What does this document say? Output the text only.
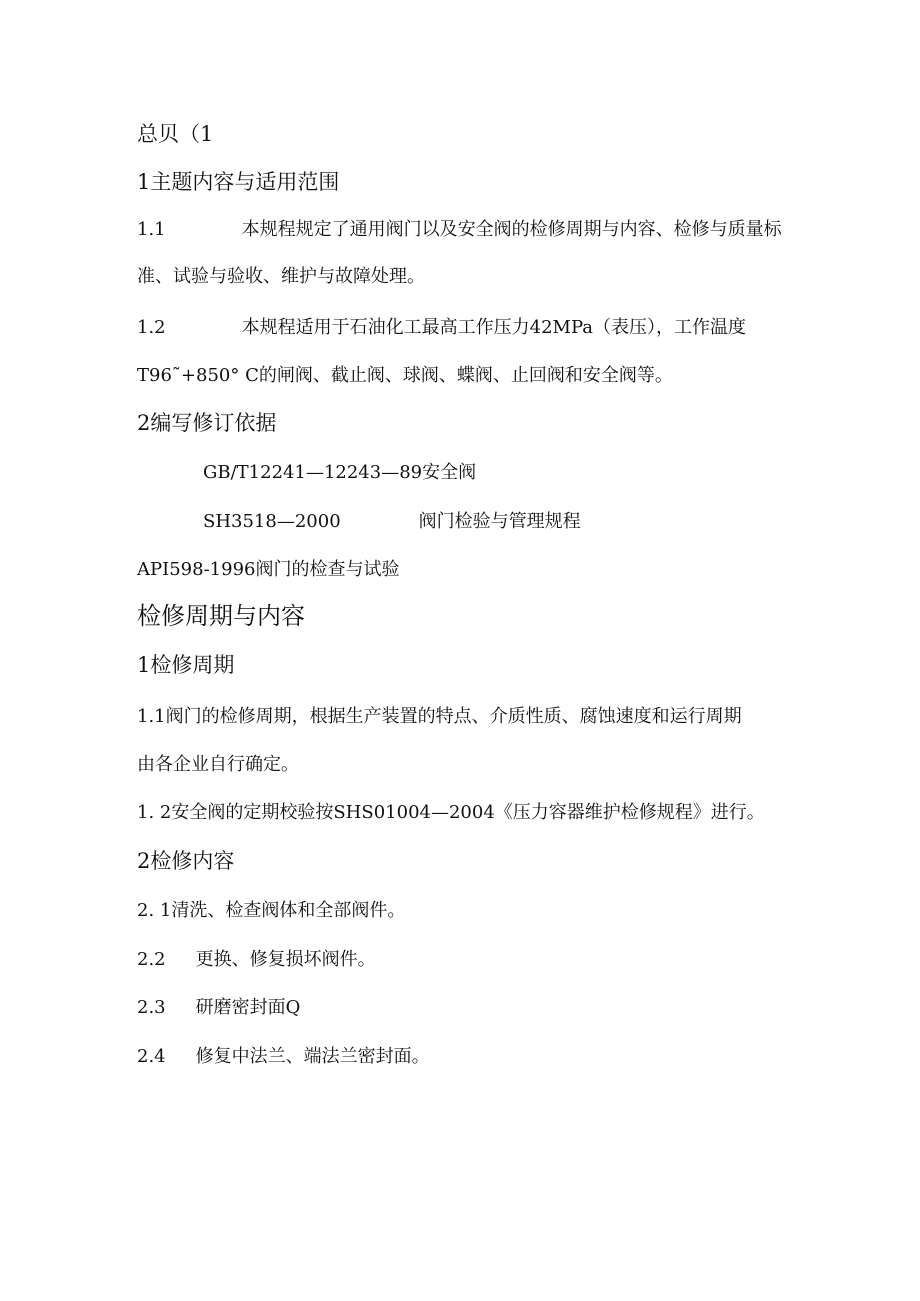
总贝（1
1主题内容与适用范围
1.1	本规程规定了通用阀门以及安全阀的检修周期与内容、检修与质量标
准、试验与验收、维护与故障处理。
1.2	本规程适用于石油化工最高工作压力42MPa（表压），工作温度
T96˜+850° C的闸阀、截止阀、球阀、蝶阀、止回阀和安全阀等。
2编写修订依据
GB/T12241—12243—89安全阀
SH3518—2000	阀门检验与管理规程
API598-1996阀门的检查与试验
检修周期与内容
1检修周期
1.1阀门的检修周期，根据生产装置的特点、介质性质、腐蚀速度和运行周期
由各企业自行确定。
1. 2安全阀的定期校验按SHS01004—2004《压力容器维护检修规程》进行。
2检修内容
2. 1清洗、检查阀体和全部阀件。
2.2 更换、修复损坏阀件。
2.3 研磨密封面Q
2.4 修复中法兰、端法兰密封面。
